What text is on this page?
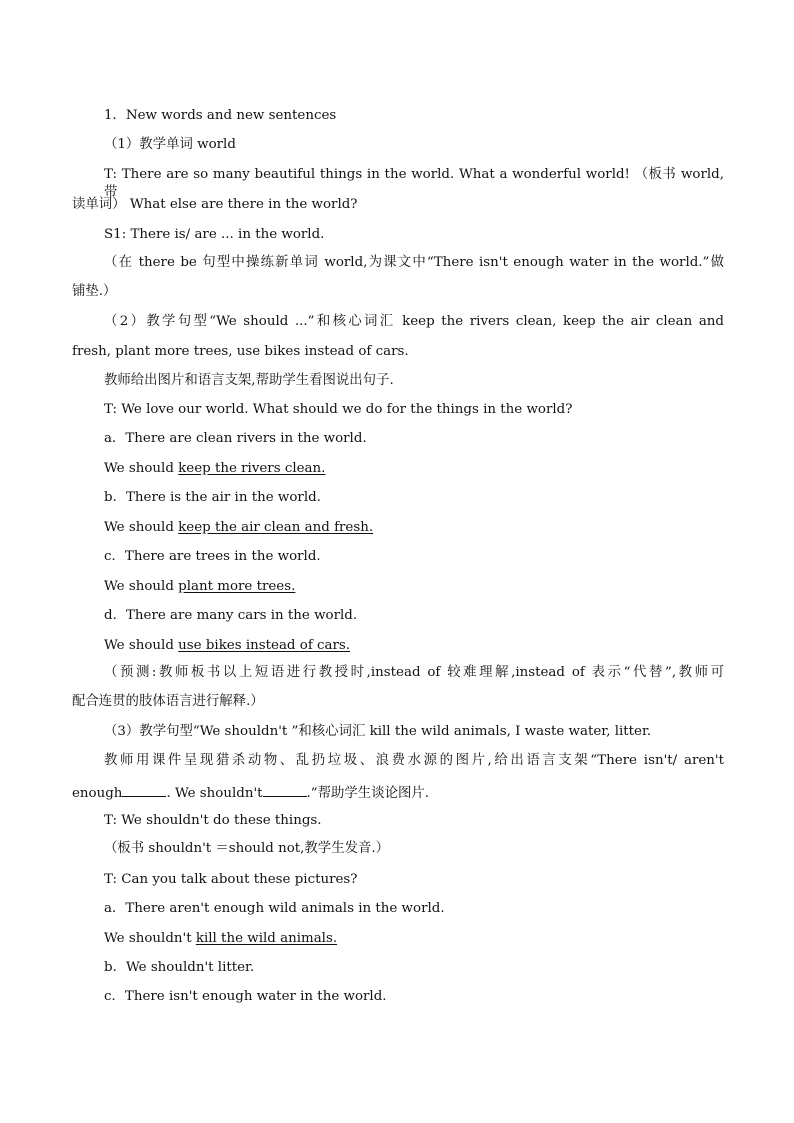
1．New words and new sentences
（1）教学单词 world
T: There are so many beautiful things in the world. What a wonderful world! （板书 world,带
读单词） What else are there in the world?
S1: There is/ are ... in the world.
（在 there be 句型中操练新单词 world,为课文中“There isn't enough water in the world.”做
铺垫.）
（2）教学句型“We should ...”和核心词汇 keep the rivers clean, keep the air clean and
fresh, plant more trees, use bikes instead of cars.
教师给出图片和语言支架,帮助学生看图说出句子.
T: We love our world. What should we do for the things in the world?
a．There are clean rivers in the world.
We should keep the rivers clean.
b．There is the air in the world.
We should keep the air clean and fresh.
c．There are trees in the world.
We should plant more trees.
d．There are many cars in the world.
We should use bikes instead of cars.
（预测:教师板书以上短语进行教授时,instead of 较难理解,instead of 表示“代替”,教师可
配合连贯的肢体语言进行解释.）
（3）教学句型“We shouldn't ”和核心词汇 kill the wild animals, I waste water, litter.
教师用课件呈现猎杀动物、乱扔垃圾、浪费水源的图片,给出语言支架“There isn't/ aren't
enough	. We shouldn't	.”帮助学生谈论图片.
T: We shouldn't do these things.
（板书 shouldn't ＝should not,教学生发音.）
T: Can you talk about these pictures?
a．There aren't enough wild animals in the world.
We shouldn't kill the wild animals.
b．We shouldn't litter.
c．There isn't enough water in the world.
